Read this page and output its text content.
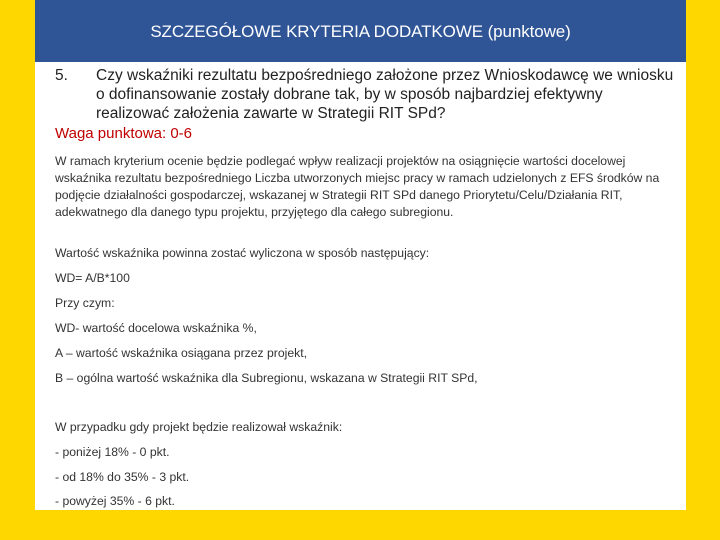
SZCZEGÓŁOWE KRYTERIA DODATKOWE (punktowe)
5. Czy wskaźniki rezultatu bezpośredniego założone przez Wnioskodawcę we wniosku o dofinansowanie zostały dobrane tak, by w sposób najbardziej efektywny realizować założenia zawarte w Strategii RIT SPd?
Waga punktowa: 0-6
W ramach kryterium ocenie będzie podlegać wpływ realizacji projektów na osiągnięcie wartości docelowej wskaźnika rezultatu bezpośredniego Liczba utworzonych miejsc pracy w ramach udzielonych z EFS środków na podjęcie działalności gospodarczej, wskazanej w Strategii RIT SPd danego Priorytetu/Celu/Działania RIT, adekwatnego dla danego typu projektu, przyjętego dla całego subregionu.
Wartość wskaźnika powinna zostać wyliczona w sposób następujący:
WD= A/B*100
Przy czym:
WD- wartość docelowa wskaźnika %,
A – wartość wskaźnika osiągana przez projekt,
B – ogólna wartość wskaźnika dla Subregionu, wskazana w Strategii RIT SPd,
W przypadku gdy projekt będzie realizował wskaźnik:
- poniżej 18% - 0 pkt.
- od 18% do 35% - 3 pkt.
- powyżej 35% - 6 pkt.
